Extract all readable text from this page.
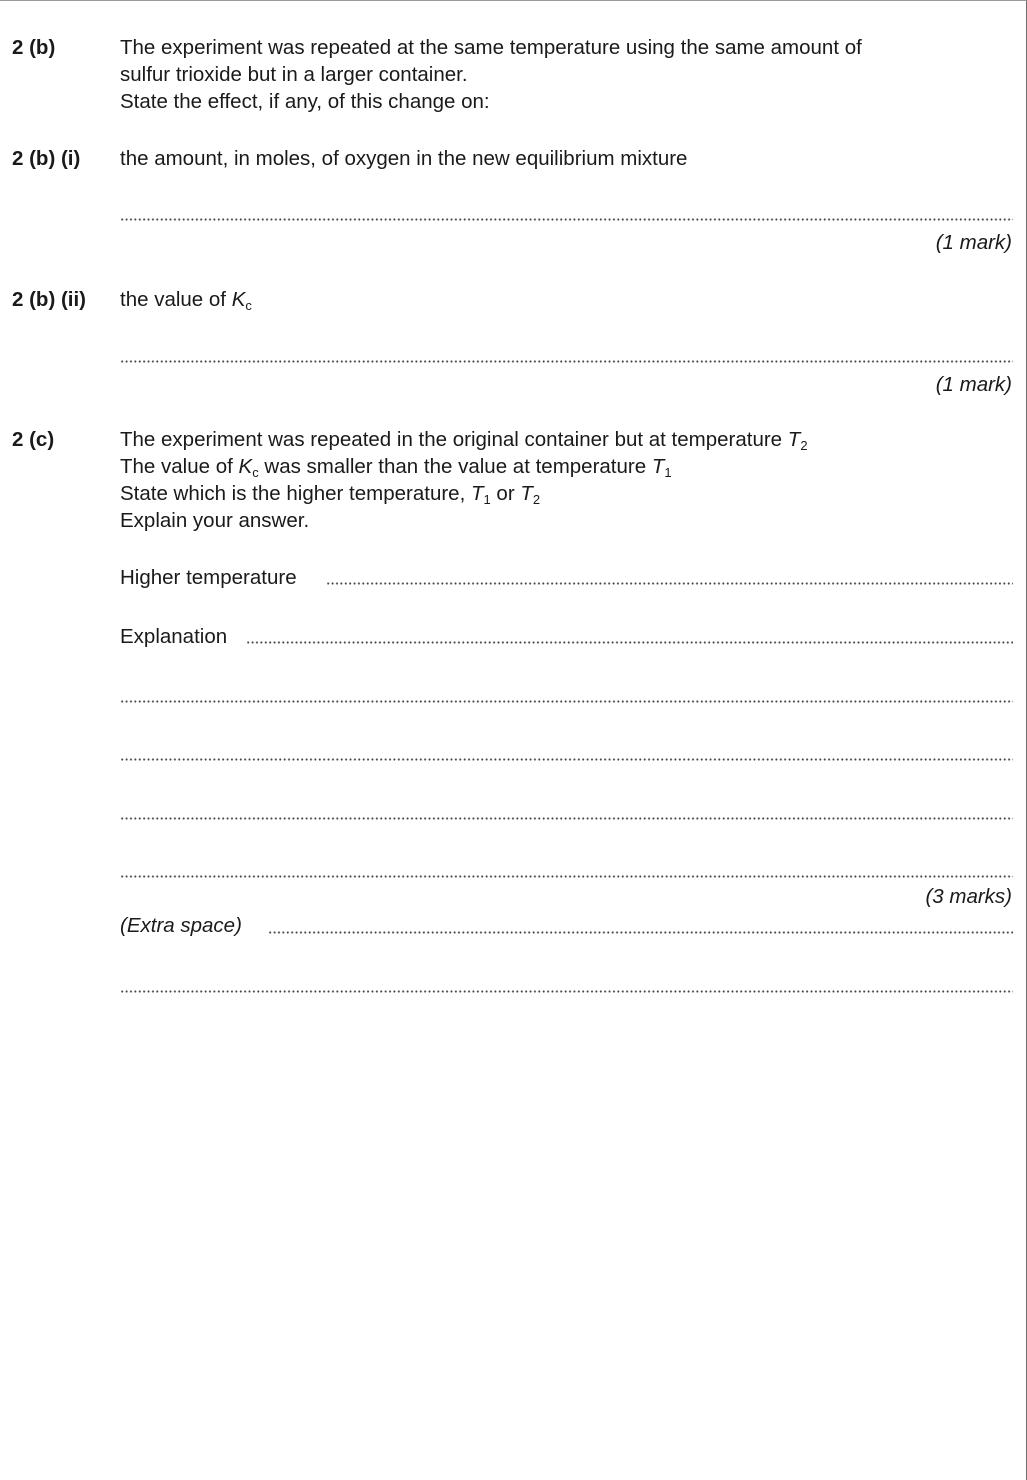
2 (b)	The experiment was repeated at the same temperature using the same amount of
sulfur trioxide but in a larger container.
State the effect, if any, of this change on:
2 (b) (i) the amount, in moles, of oxygen in the new equilibrium mixture
(1 mark)
2 (b) (ii) the value of $K_c$
(1 mark)
2 (c)	The experiment was repeated in the original container but at temperature $T_2$
The value of $K_c$ was smaller than the value at temperature $T_1$
State which is the higher temperature, $T_1$ or $T_2$
Explain your answer.
Higher temperature
Explanation
(3 marks)
(Extra space)
